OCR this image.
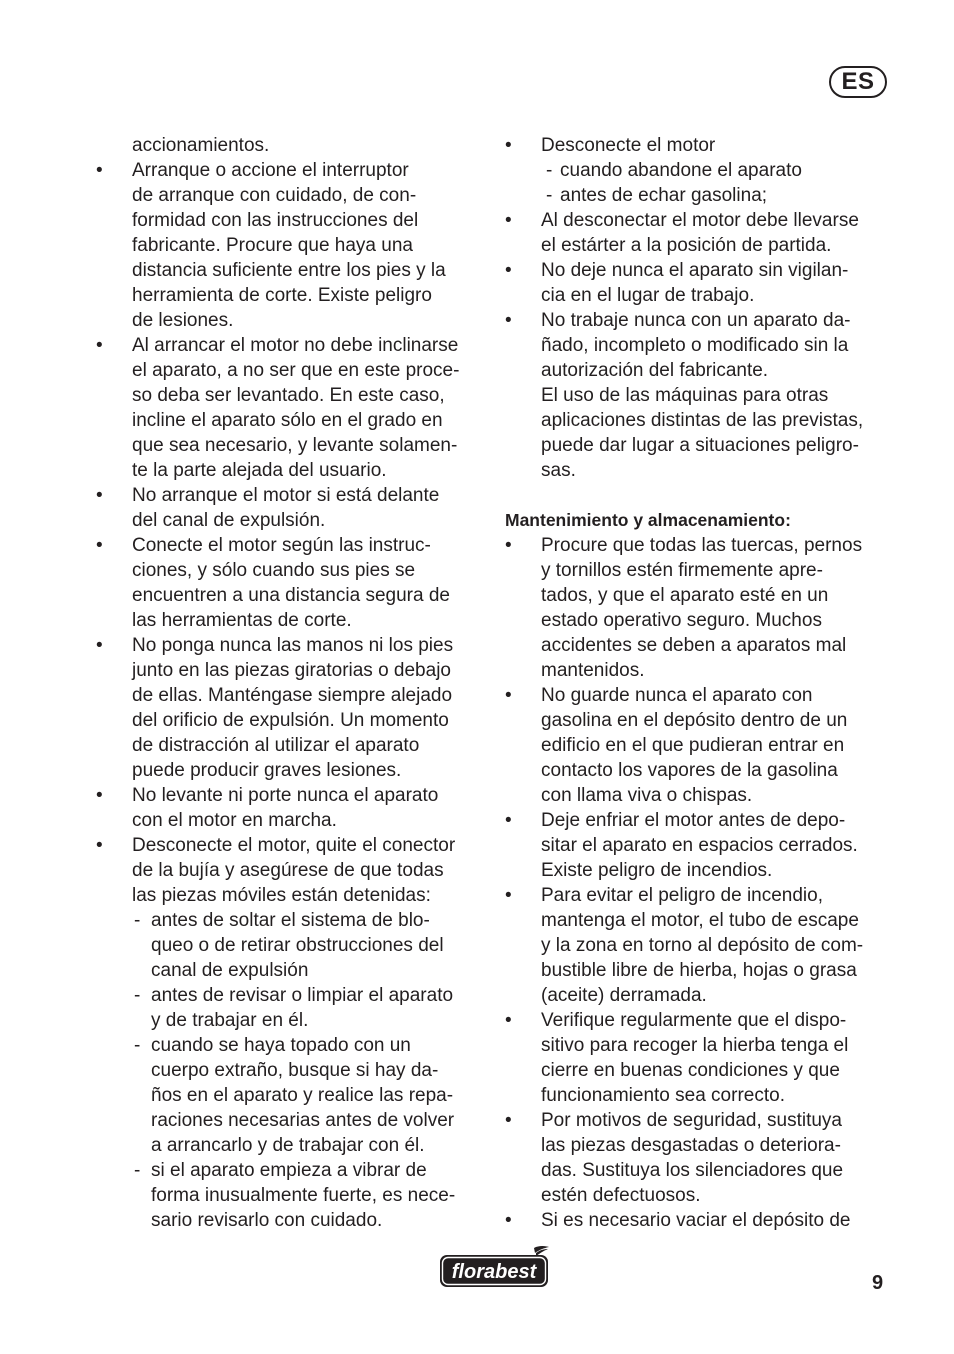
ES
accionamientos.
• Arranque o accione el interruptor
de arranque con cuidado, de con-
formidad con las instrucciones del
fabricante. Procure que haya una
distancia suficiente entre los pies y la
herramienta de corte. Existe peligro
de lesiones.
• Al arrancar el motor no debe inclinarse
el aparato, a no ser que en este proce-
so deba ser levantado. En este caso,
incline el aparato sólo en el grado en
que sea necesario, y levante solamen-
te la parte alejada del usuario.
• No arranque el motor si está delante
del canal de expulsión.
• Conecte el motor según las instruc-
ciones, y sólo cuando sus pies se
encuentren a una distancia segura de
las herramientas de corte.
• No ponga nunca las manos ni los pies
junto en las piezas giratorias o debajo
de ellas. Manténgase siempre alejado
del orificio de expulsión. Un momento
de distracción al utilizar el aparato
puede producir graves lesiones.
• No levante ni porte nunca el aparato
con el motor en marcha.
• Desconecte el motor, quite el conector
de la bujía y asegúrese de que todas
las piezas móviles están detenidas:
- antes de soltar el sistema de blo-
queo o de retirar obstrucciones del
canal de expulsión
- antes de revisar o limpiar el aparato
y de trabajar en él.
- cuando se haya topado con un
cuerpo extraño, busque si hay da-
ños en el aparato y realice las repa-
raciones necesarias antes de volver
a arrancarlo y de trabajar con él.
- si el aparato empieza a vibrar de
forma inusualmente fuerte, es nece-
sario revisarlo con cuidado.
• Desconecte el motor
- cuando abandone el aparato
- antes de echar gasolina;
• Al desconectar el motor debe llevarse
el estárter a la posición de partida.
• No deje nunca el aparato sin vigilan-
cia en el lugar de trabajo.
• No trabaje nunca con un aparato da-
ñado, incompleto o modificado sin la
autorización del fabricante.
El uso de las máquinas para otras
aplicaciones distintas de las previstas,
puede dar lugar a situaciones peligro-
sas.
Mantenimiento y almacenamiento:
• Procure que todas las tuercas, pernos
y tornillos estén firmemente apre-
tados, y que el aparato esté en un
estado operativo seguro. Muchos
accidentes se deben a aparatos mal
mantenidos.
• No guarde nunca el aparato con
gasolina en el depósito dentro de un
edificio en el que pudieran entrar en
contacto los vapores de la gasolina
con llama viva o chispas.
• Deje enfriar el motor antes de depo-
sitar el aparato en espacios cerrados.
Existe peligro de incendios.
• Para evitar el peligro de incendio,
mantenga el motor, el tubo de escape
y la zona en torno al depósito de com-
bustible libre de hierba, hojas o grasa
(aceite) derramada.
• Verifique regularmente que el dispo-
sitivo para recoger la hierba tenga el
cierre en buenas condiciones y que
funcionamiento sea correcto.
• Por motivos de seguridad, sustituya
las piezas desgastadas o deteriora-
das. Sustituya los silenciadores que
estén defectuosos.
• Si es necesario vaciar el depósito de
florabest	9
